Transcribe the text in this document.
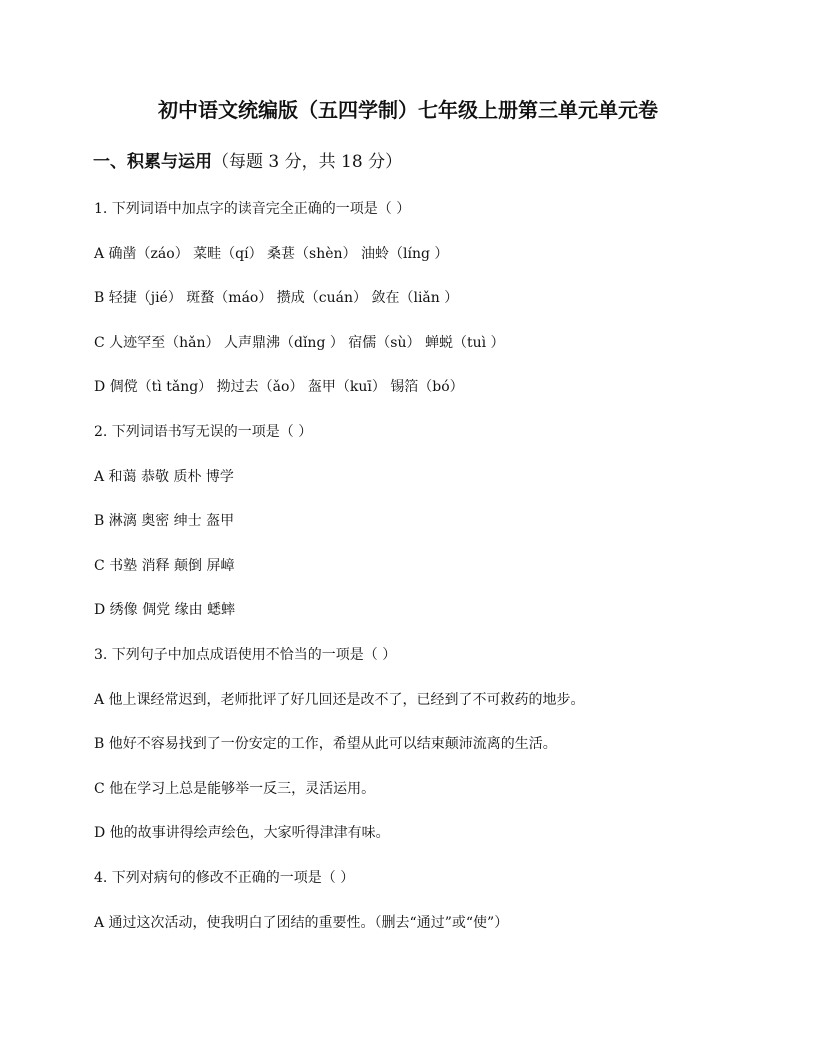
初中语文统编版（五四学制）七年级上册第三单元单元卷
一、积累与运用（每题 3 分，共 18 分）
1. 下列词语中加点字的读音完全正确的一项是（ ）
A 确凿（záo） 菜畦（qí） 桑葚（shèn） 油蛉（líng ）
B 轻捷（jié） 斑蝥（máo） 攒成（cuán） 敛在（liǎn ）
C 人迹罕至（hǎn） 人声鼎沸（dǐng ） 宿儒（sù） 蝉蜕（tuì ）
D 倜傥（tì tǎng） 拗过去（ǎo） 盔甲（kuī） 锡箔（bó）
2. 下列词语书写无误的一项是（ ）
A 和蔼 恭敬 质朴 博学
B 淋漓 奥密 绅士 盔甲
C 书塾 消释 颠倒 屏嶂
D 绣像 倜党 缘由 蟋蟀
3. 下列句子中加点成语使用不恰当的一项是（ ）
A 他上课经常迟到，老师批评了好几回还是改不了，已经到了不可救药的地步。
B 他好不容易找到了一份安定的工作，希望从此可以结束颠沛流离的生活。
C 他在学习上总是能够举一反三，灵活运用。
D 他的故事讲得绘声绘色，大家听得津津有味。
4. 下列对病句的修改不正确的一项是（ ）
A 通过这次活动，使我明白了团结的重要性。（删去“通过”或“使”）
